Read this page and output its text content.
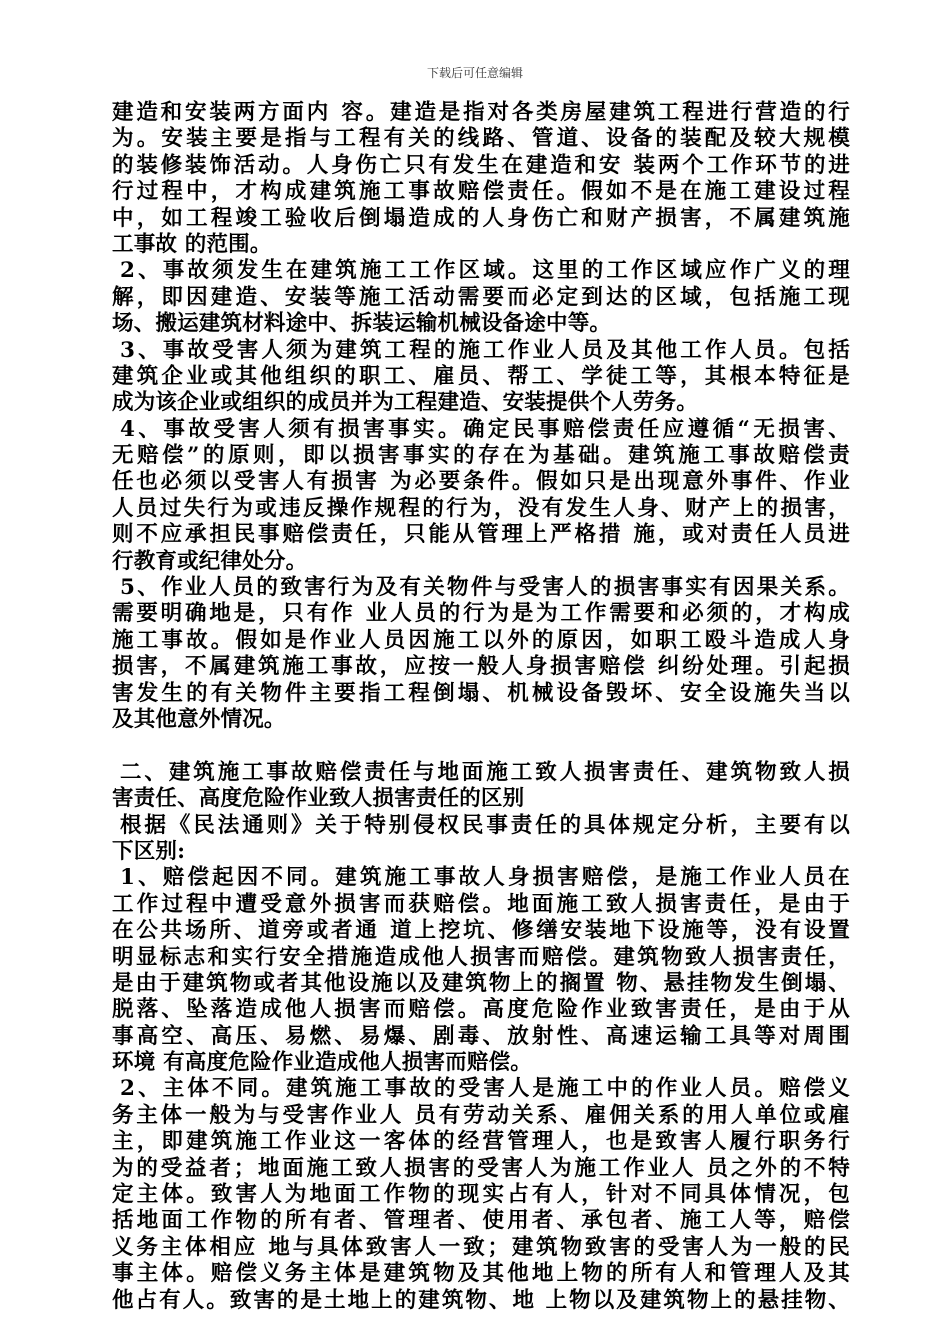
下载后可任意编辑
建造和安装两方面内 容。建造是指对各类房屋建筑工程进行营造的行
为。安装主要是指与工程有关的线路、管道、设备的装配及较大规模
的装修装饰活动。人身伤亡只有发生在建造和安 装两个工作环节的进
行过程中，才构成建筑施工事故赔偿责任。假如不是在施工建设过程
中，如工程竣工验收后倒塌造成的人身伤亡和财产损害，不属建筑施
工事故 的范围。
2、事故须发生在建筑施工工作区域。这里的工作区域应作广义的理
解，即因建造、安装等施工活动需要而必定到达的区域，包括施工现
场、搬运建筑材料途中、拆装运输机械设备途中等。
3、事故受害人须为建筑工程的施工作业人员及其他工作人员。包括
建筑企业或其他组织的职工、雇员、帮工、学徒工等，其根本特征是
成为该企业或组织的成员并为工程建造、安装提供个人劳务。
4、事故受害人须有损害事实。确定民事赔偿责任应遵循“无损害、
无赔偿”的原则，即以损害事实的存在为基础。建筑施工事故赔偿责
任也必须以受害人有损害 为必要条件。假如只是出现意外事件、作业
人员过失行为或违反操作规程的行为，没有发生人身、财产上的损害，
则不应承担民事赔偿责任，只能从管理上严格措 施，或对责任人员进
行教育或纪律处分。
5、作业人员的致害行为及有关物件与受害人的损害事实有因果关系。
需要明确地是，只有作 业人员的行为是为工作需要和必须的，才构成
施工事故。假如是作业人员因施工以外的原因，如职工殴斗造成人身
损害，不属建筑施工事故，应按一般人身损害赔偿 纠纷处理。引起损
害发生的有关物件主要指工程倒塌、机械设备毁坏、安全设施失当以
及其他意外情况。
二、建筑施工事故赔偿责任与地面施工致人损害责任、建筑物致人损
害责任、高度危险作业致人损害责任的区别
根据《民法通则》关于特别侵权民事责任的具体规定分析，主要有以
下区别:
1、赔偿起因不同。建筑施工事故人身损害赔偿，是施工作业人员在
工作过程中遭受意外损害而获赔偿。地面施工致人损害责任，是由于
在公共场所、道旁或者通 道上挖坑、修缮安装地下设施等，没有设置
明显标志和实行安全措施造成他人损害而赔偿。建筑物致人损害责任，
是由于建筑物或者其他设施以及建筑物上的搁置 物、悬挂物发生倒塌、
脱落、坠落造成他人损害而赔偿。高度危险作业致害责任，是由于从
事高空、高压、易燃、易爆、剧毒、放射性、高速运输工具等对周围
环境 有高度危险作业造成他人损害而赔偿。
2、主体不同。建筑施工事故的受害人是施工中的作业人员。赔偿义
务主体一般为与受害作业人 员有劳动关系、雇佣关系的用人单位或雇
主，即建筑施工作业这一客体的经营管理人，也是致害人履行职务行
为的受益者；地面施工致人损害的受害人为施工作业人 员之外的不特
定主体。致害人为地面工作物的现实占有人，针对不同具体情况，包
括地面工作物的所有者、管理者、使用者、承包者、施工人等，赔偿
义务主体相应 地与具体致害人一致；建筑物致害的受害人为一般的民
事主体。赔偿义务主体是建筑物及其他地上物的所有人和管理人及其
他占有人。致害的是土地上的建筑物、地 上物以及建筑物上的悬挂物、
